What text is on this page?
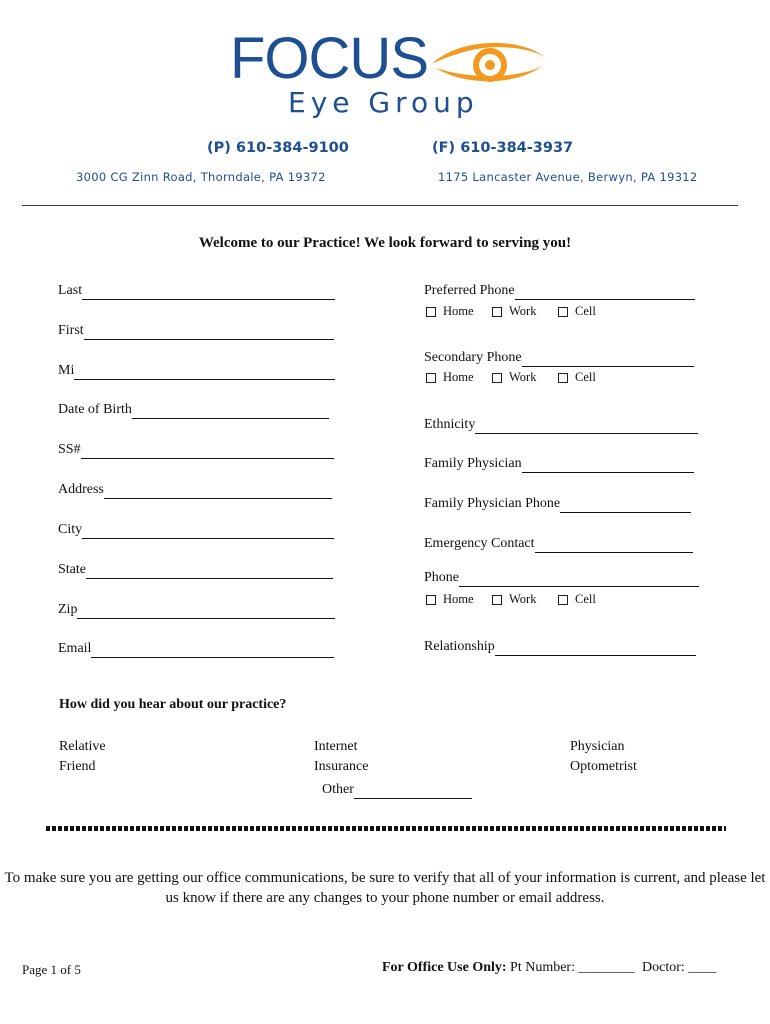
FOCUS
Eye Group
(P) 610-384-9100	(F) 610-384-3937
3000 CG Zinn Road, Thorndale, PA 19372	1175 Lancaster Avenue, Berwyn, PA 19312
Welcome to our Practice! We look forward to serving you!
Last
First
Mi
Date of Birth
SS#
Address
City
State
Zip
Email
Preferred Phone
Home	Work	Cell
Secondary Phone
Home	Work	Cell
Ethnicity
Family Physician
Family Physician Phone
Emergency Contact
Phone
Home	Work	Cell
Relationship
How did you hear about our practice?
Relative
Friend
Internet
Insurance
Other
Physician
Optometrist
To make sure you are getting our office communications, be sure to verify that all of your information is current, and please let us know if there are any changes to your phone number or email address.
Page 1 of 5	For Office Use Only: Pt Number: ________ Doctor: ____
